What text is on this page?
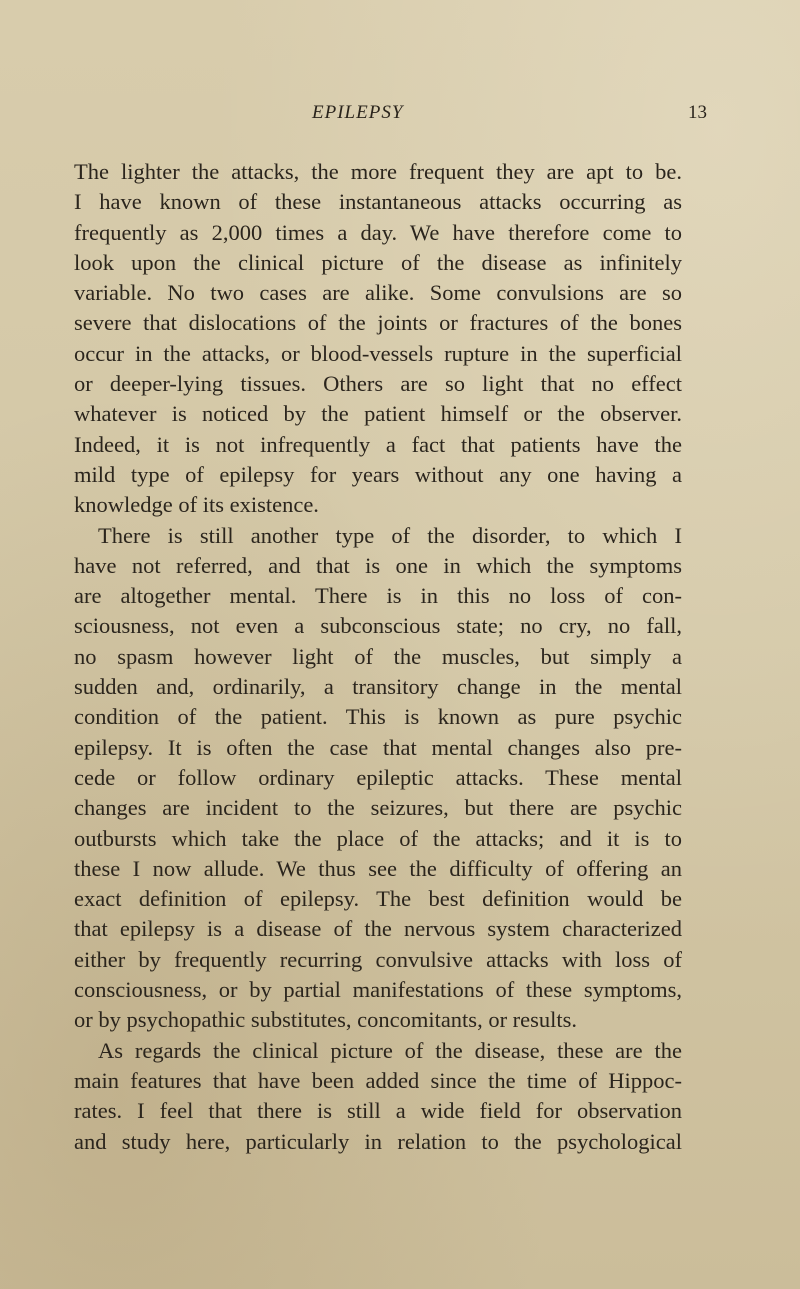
EPILEPSY	13
The lighter the attacks, the more frequent they are apt to be.
I have known of these instantaneous attacks occurring as
frequently as 2,000 times a day. We have therefore come to
look upon the clinical picture of the disease as infinitely
variable. No two cases are alike. Some convulsions are so
severe that dislocations of the joints or fractures of the bones
occur in the attacks, or blood-vessels rupture in the superficial
or deeper-lying tissues. Others are so light that no effect
whatever is noticed by the patient himself or the observer.
Indeed, it is not infrequently a fact that patients have the
mild type of epilepsy for years without any one having a
knowledge of its existence.
There is still another type of the disorder, to which I
have not referred, and that is one in which the symptoms
are altogether mental. There is in this no loss of con-
sciousness, not even a subconscious state; no cry, no fall,
no spasm however light of the muscles, but simply a
sudden and, ordinarily, a transitory change in the mental
condition of the patient. This is known as pure psychic
epilepsy. It is often the case that mental changes also pre-
cede or follow ordinary epileptic attacks. These mental
changes are incident to the seizures, but there are psychic
outbursts which take the place of the attacks; and it is to
these I now allude. We thus see the difficulty of offering an
exact definition of epilepsy. The best definition would be
that epilepsy is a disease of the nervous system characterized
either by frequently recurring convulsive attacks with loss of
consciousness, or by partial manifestations of these symptoms,
or by psychopathic substitutes, concomitants, or results.
As regards the clinical picture of the disease, these are the
main features that have been added since the time of Hippoc-
rates. I feel that there is still a wide field for observation
and study here, particularly in relation to the psychological
